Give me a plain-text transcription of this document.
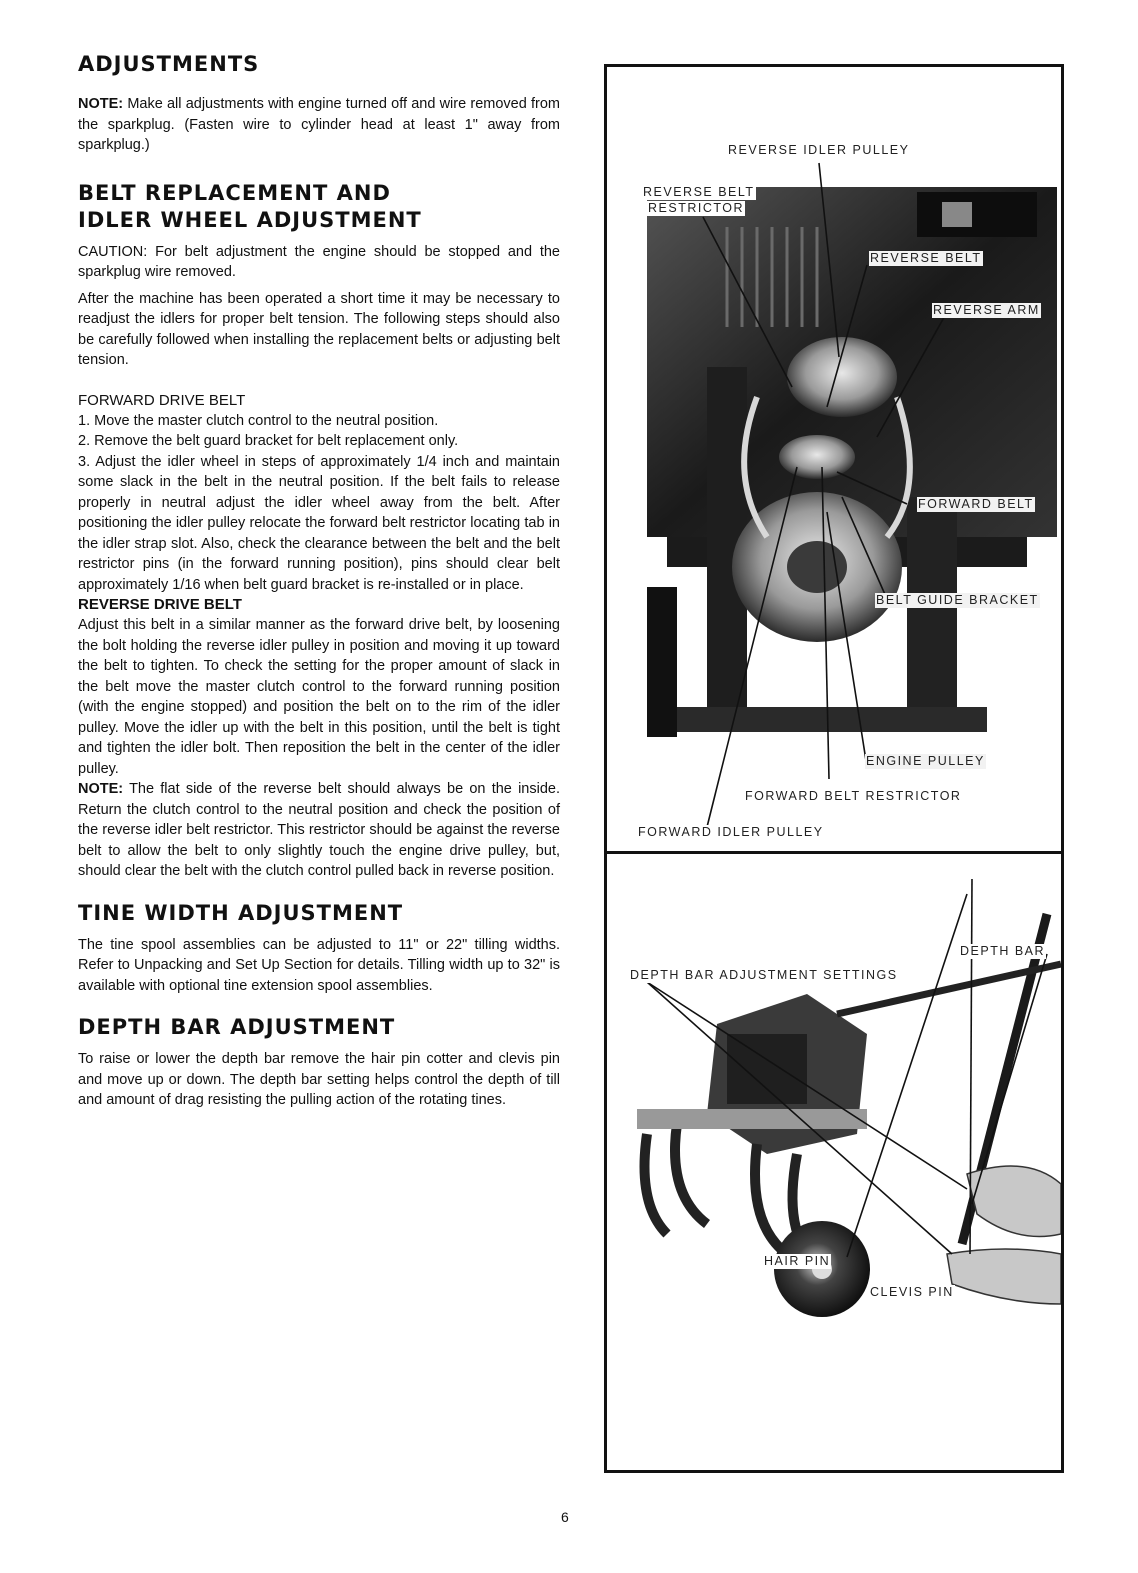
ADJUSTMENTS

NOTE: Make all adjustments with engine turned off and wire removed from the sparkplug. (Fasten wire to cylinder head at least 1" away from sparkplug.)

BELT REPLACEMENT AND
IDLER WHEEL ADJUSTMENT

CAUTION: For belt adjustment the engine should be stopped and the sparkplug wire removed.

After the machine has been operated a short time it may be necessary to readjust the idlers for proper belt tension. The following steps should also be carefully followed when installing the replacement belts or adjusting belt tension.

FORWARD DRIVE BELT

1. Move the master clutch control to the neutral position.

2. Remove the belt guard bracket for belt replacement only.

3. Adjust the idler wheel in steps of approximately 1/4 inch and maintain some slack in the belt in the neutral position. If the belt fails to release properly in neutral adjust the idler wheel away from the belt. After positioning the idler pulley relocate the forward belt restrictor locating tab in the idler strap slot. Also, check the clearance between the belt and the belt restrictor pins (in the forward running position), pins should clear belt approximately 1/16 when belt guard bracket is re-installed or in place.

REVERSE DRIVE BELT

Adjust this belt in a similar manner as the forward drive belt, by loosening the bolt holding the reverse idler pulley in position and moving it up toward the belt to tighten. To check the setting for the proper amount of slack in the belt move the master clutch control to the forward running position (with the engine stopped) and position the belt on to the rim of the idler pulley. Move the idler up with the belt in this position, until the belt is tight and tighten the idler bolt. Then reposition the belt in the center of the idler pulley.

NOTE: The flat side of the reverse belt should always be on the inside. Return the clutch control to the neutral position and check the position of the reverse idler belt restrictor. This restrictor should be against the reverse belt to allow the belt to only slightly touch the engine drive pulley, but, should clear the belt with the clutch control pulled back in reverse position.

TINE WIDTH ADJUSTMENT

The tine spool assemblies can be adjusted to 11" or 22" tilling widths. Refer to Unpacking and Set Up Section for details. Tilling width up to 32" is available with optional tine extension spool assemblies.

DEPTH BAR ADJUSTMENT

To raise or lower the depth bar remove the hair pin cotter and clevis pin and move up or down. The depth bar setting helps control the depth of till and amount of drag resisting the pulling action of the rotating tines.

6
REVERSE IDLER PULLEY
REVERSE BELT
RESTRICTOR
REVERSE BELT
REVERSE ARM
FORWARD BELT
BELT GUIDE BRACKET
ENGINE PULLEY
FORWARD BELT RESTRICTOR
FORWARD IDLER PULLEY
DEPTH BAR
DEPTH BAR ADJUSTMENT SETTINGS
HAIR PIN
CLEVIS PIN
